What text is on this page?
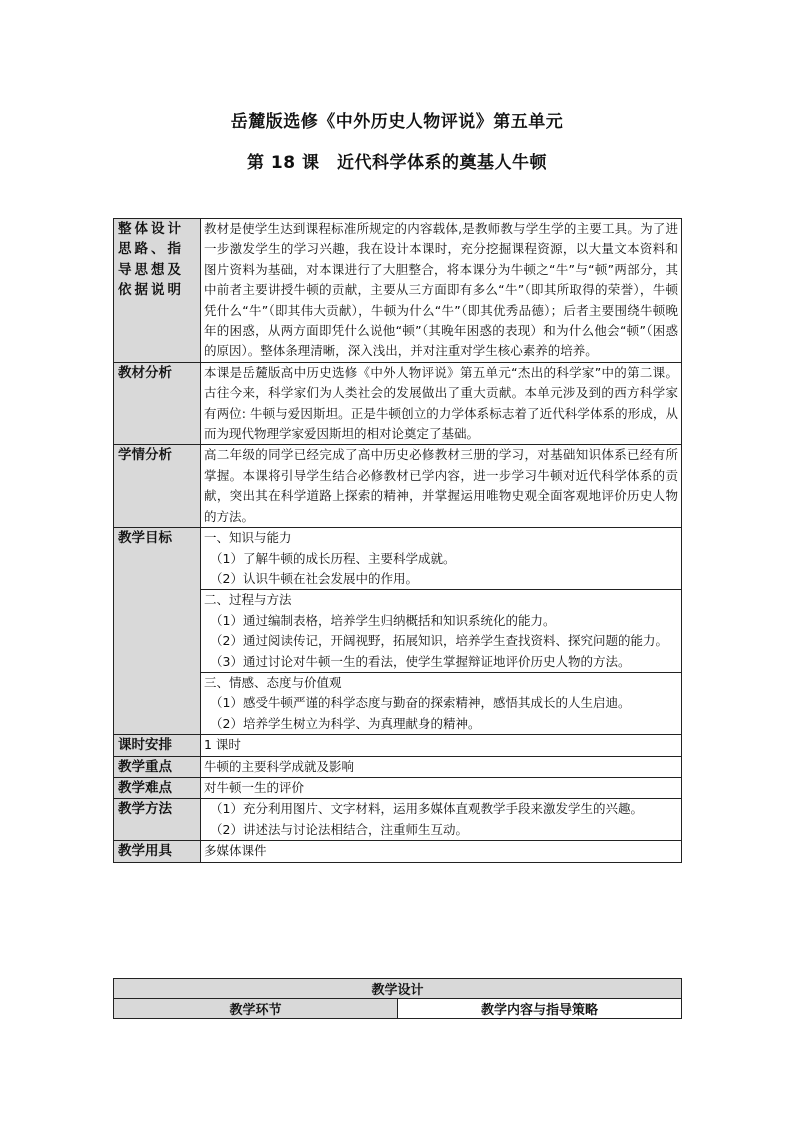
岳麓版选修《中外历史人物评说》第五单元
第 18 课　近代科学体系的奠基人牛顿
整体设计思路、指导思想及依据说明	教材是使学生达到课程标准所规定的内容载体,是教师教与学生学的主要工具。为了进一步激发学生的学习兴趣，我在设计本课时，充分挖掘课程资源，以大量文本资料和图片资料为基础，对本课进行了大胆整合，将本课分为牛顿之“牛”与“顿”两部分，其中前者主要讲授牛顿的贡献，主要从三方面即有多么“牛”（即其所取得的荣誉），牛顿凭什么“牛”（即其伟大贡献），牛顿为什么“牛”（即其优秀品德）；后者主要围绕牛顿晚年的困惑，从两方面即凭什么说他“顿”（其晚年困惑的表现）和为什么他会“顿”（困惑的原因）。整体条理清晰，深入浅出，并对注重对学生核心素养的培养。
教材分析	本课是岳麓版高中历史选修《中外人物评说》第五单元“杰出的科学家”中的第二课。古往今来，科学家们为人类社会的发展做出了重大贡献。本单元涉及到的西方科学家有两位: 牛顿与爱因斯坦。正是牛顿创立的力学体系标志着了近代科学体系的形成，从而为现代物理学家爱因斯坦的相对论奠定了基础。
学情分析	高二年级的同学已经完成了高中历史必修教材三册的学习，对基础知识体系已经有所掌握。本课将引导学生结合必修教材已学内容，进一步学习牛顿对近代科学体系的贡献，突出其在科学道路上探索的精神，并掌握运用唯物史观全面客观地评价历史人物的方法。
教学目标	一、知识与能力
（1）了解牛顿的成长历程、主要科学成就。
（2）认识牛顿在社会发展中的作用。

	二、过程与方法
（1）通过编制表格，培养学生归纳概括和知识系统化的能力。
（2）通过阅读传记，开阔视野，拓展知识，培养学生查找资料、探究问题的能力。
（3）通过讨论对牛顿一生的看法，使学生掌握辩证地评价历史人物的方法。

	三、情感、态度与价值观
（1）感受牛顿严谨的科学态度与勤奋的探索精神，感悟其成长的人生启迪。
（2）培养学生树立为科学、为真理献身的精神。

课时安排	1 课时
教学重点	牛顿的主要科学成就及影响
教学难点	对牛顿一生的评价
教学方法	（1）充分利用图片、文字材料，运用多媒体直观教学手段来激发学生的兴趣。
（2）讲述法与讨论法相结合，注重师生互动。

教学用具	多媒体课件
教学设计
教学环节	教学内容与指导策略
